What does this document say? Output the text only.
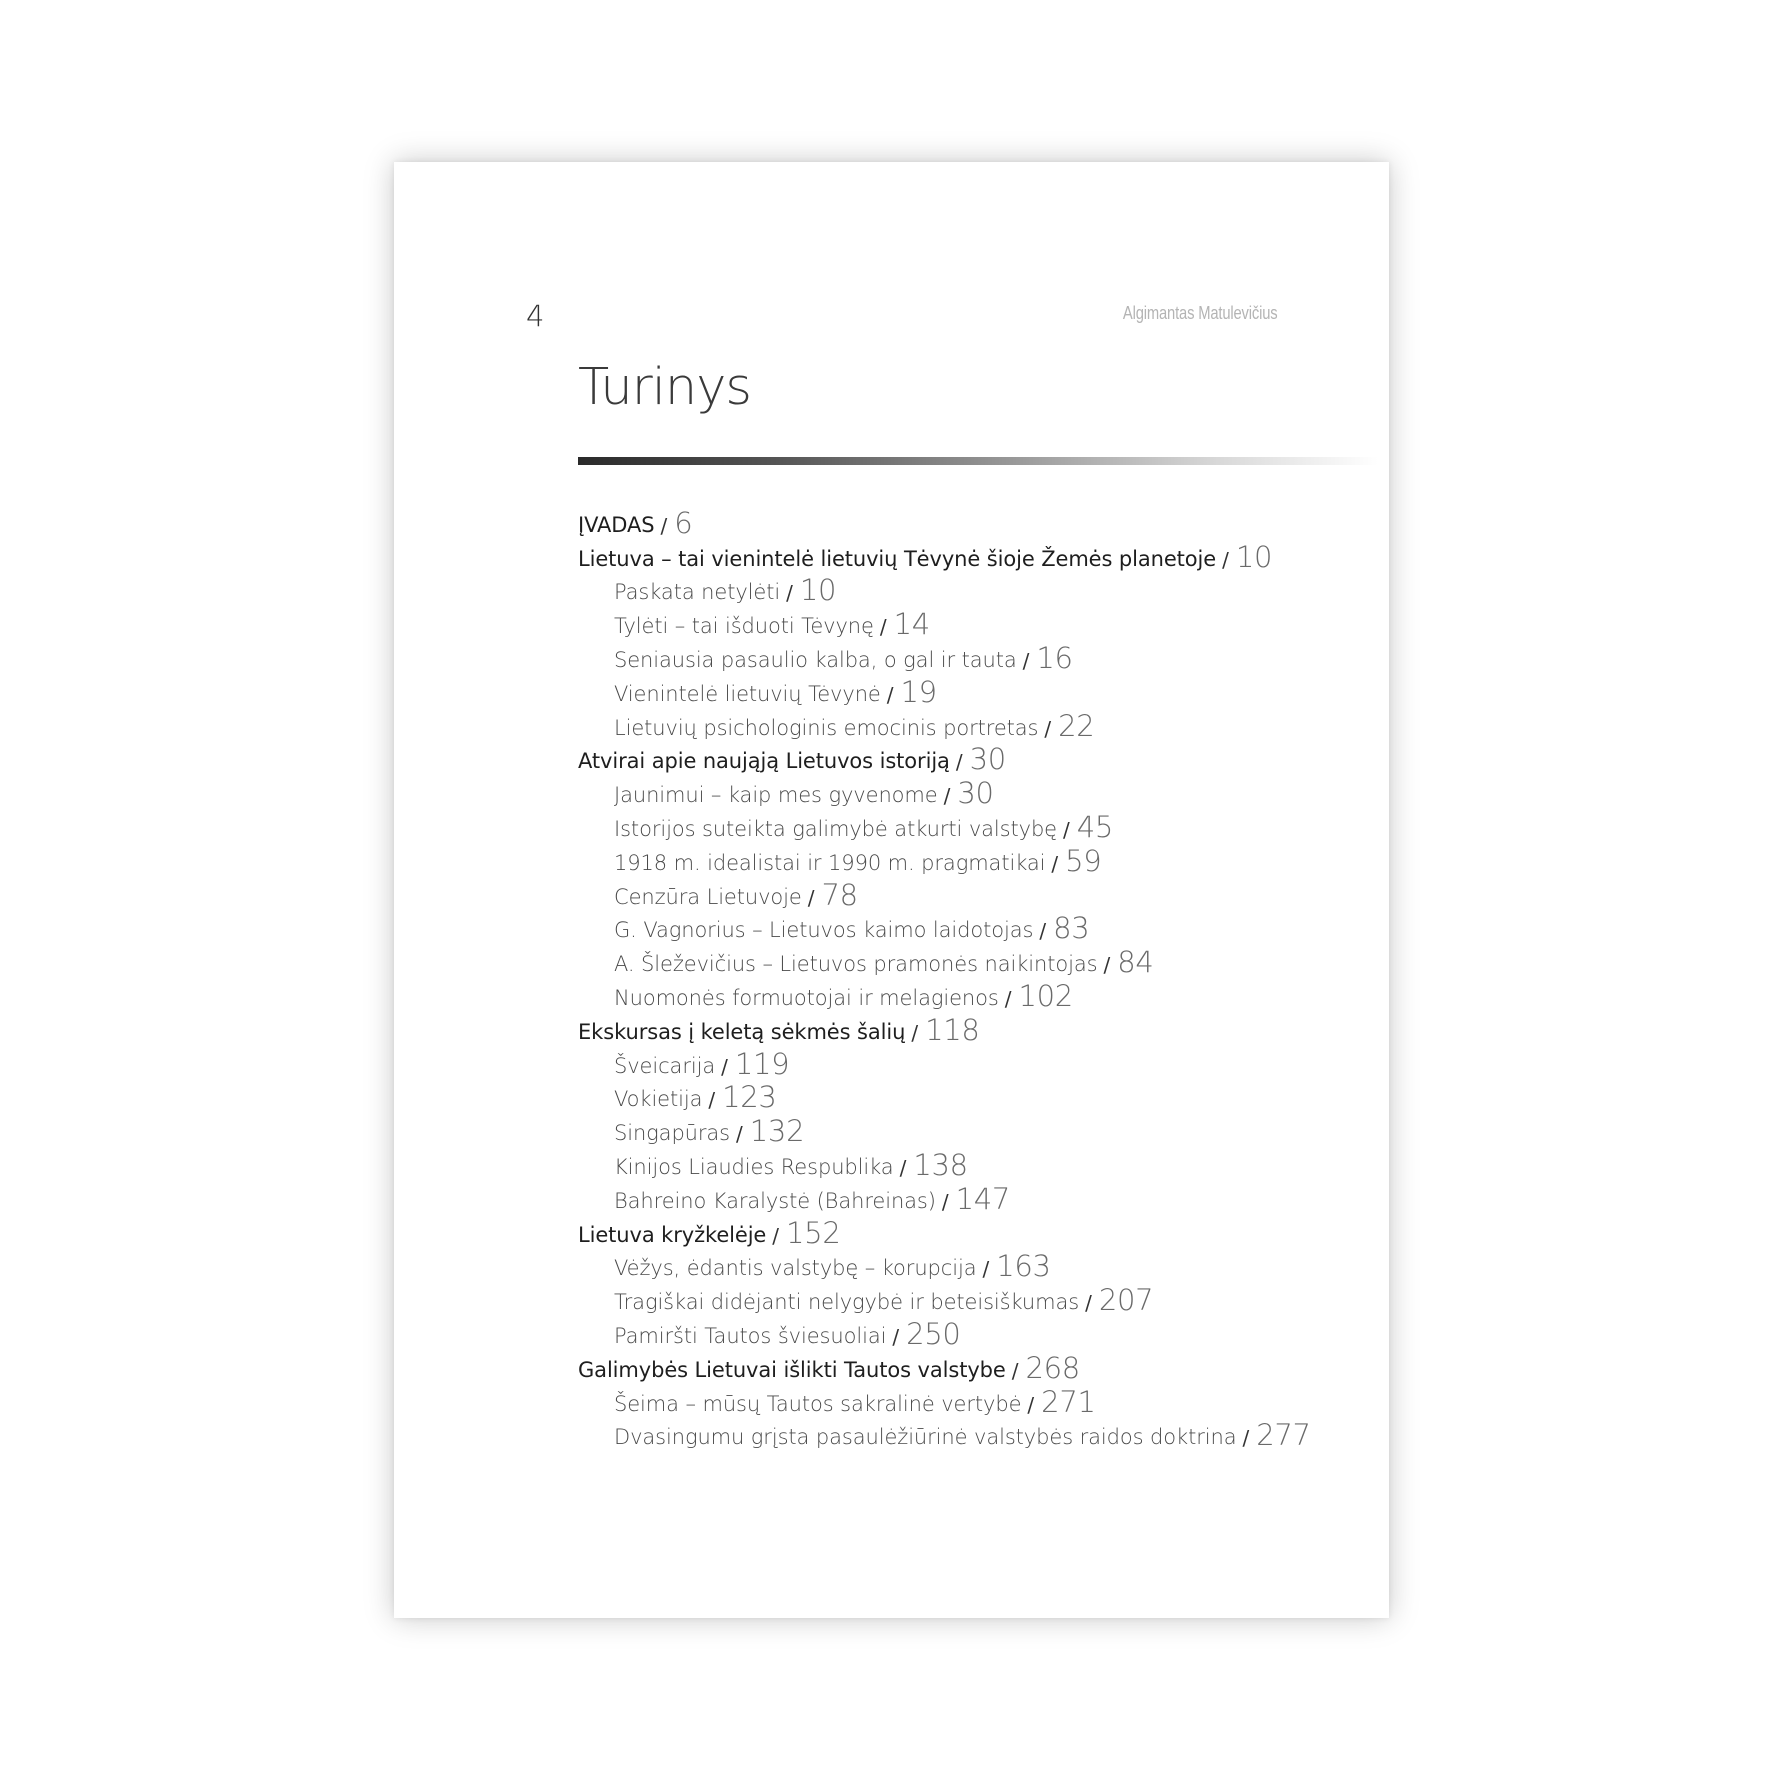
4	Algimantas Matulevičius
Turinys
ĮVADAS / 6
Lietuva – tai vienintelė lietuvių Tėvynė šioje Žemės planetoje / 10
Paskata netylėti / 10
Tylėti – tai išduoti Tėvynę / 14
Seniausia pasaulio kalba, o gal ir tauta / 16
Vienintelė lietuvių Tėvynė / 19
Lietuvių psichologinis emocinis portretas / 22
Atvirai apie naująją Lietuvos istoriją / 30
Jaunimui – kaip mes gyvenome / 30
Istorijos suteikta galimybė atkurti valstybę / 45
1918 m. idealistai ir 1990 m. pragmatikai / 59
Cenzūra Lietuvoje / 78
G. Vagnorius – Lietuvos kaimo laidotojas / 83
A. Šleževičius – Lietuvos pramonės naikintojas / 84
Nuomonės formuotojai ir melagienos / 102
Ekskursas į keletą sėkmės šalių / 118
Šveicarija / 119
Vokietija / 123
Singapūras / 132
Kinijos Liaudies Respublika / 138
Bahreino Karalystė (Bahreinas) / 147
Lietuva kryžkelėje / 152
Vėžys, ėdantis valstybę – korupcija / 163
Tragiškai didėjanti nelygybė ir beteisiškumas / 207
Pamiršti Tautos šviesuoliai / 250
Galimybės Lietuvai išlikti Tautos valstybe / 268
Šeima – mūsų Tautos sakralinė vertybė / 271
Dvasingumu grįsta pasaulėžiūrinė valstybės raidos doktrina / 277
